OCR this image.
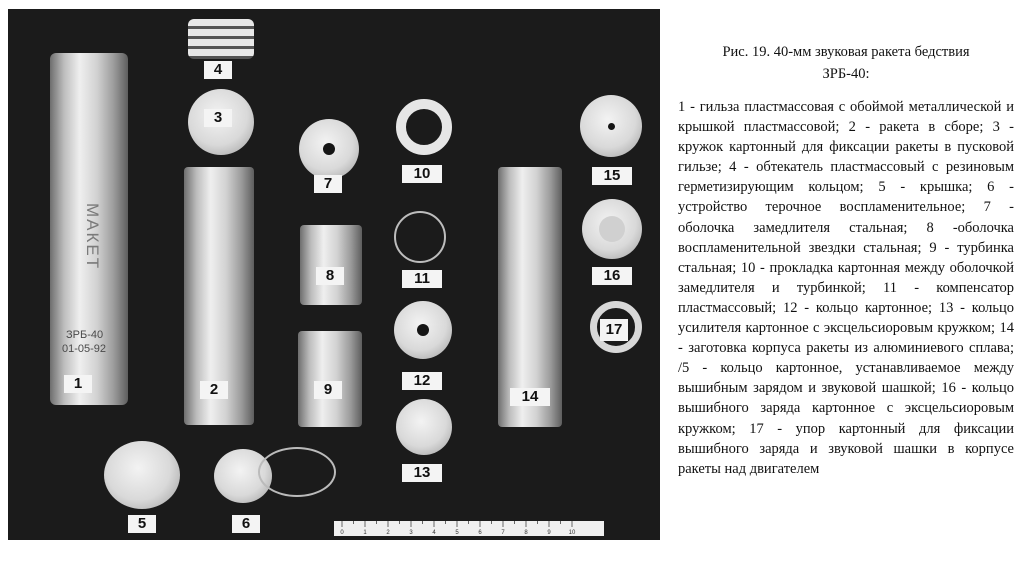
МАКЕТ
ЗРБ-40
01-05-92
1	2
3
4
5	6
7
8
9
10
11
12
13
14
15
16
17
0	1	2	3	4	5	6	7	8	9	10

Рис. 19. 40-мм звуковая ракета бедствия
ЗРБ-40:

1 - гильза пластмассовая с обоймой металлической и крышкой пластмассовой; 2 - ракета в сборе; 3 - кружок картонный для фиксации ракеты в пусковой гильзе; 4 - обтекатель пластмассовый с резиновым герметизирующим кольцом; 5 - крышка; 6 - устройство терочное воспламенительное; 7 - оболочка замедлителя стальная; 8 -оболочка воспламенительной звездки стальная; 9 - турбинка стальная; 10 - прокладка картонная между оболочкой замедлителя и турбинкой; 11 - компенсатор пластмассовый; 12 - кольцо картонное; 13 - кольцо усилителя картонное с эксцельсиоровым кружком; 14 - заготовка корпуса ракеты из алюминиевого сплава; /5 - кольцо картонное, устанавливаемое между вышибным зарядом и звуковой шашкой; 16 - кольцо вышибного заряда картонное с эксцельсиоровым кружком; 17 - упор картонный для фиксации вышибного заряда и звуковой шашки в корпусе ракеты над двигателем
